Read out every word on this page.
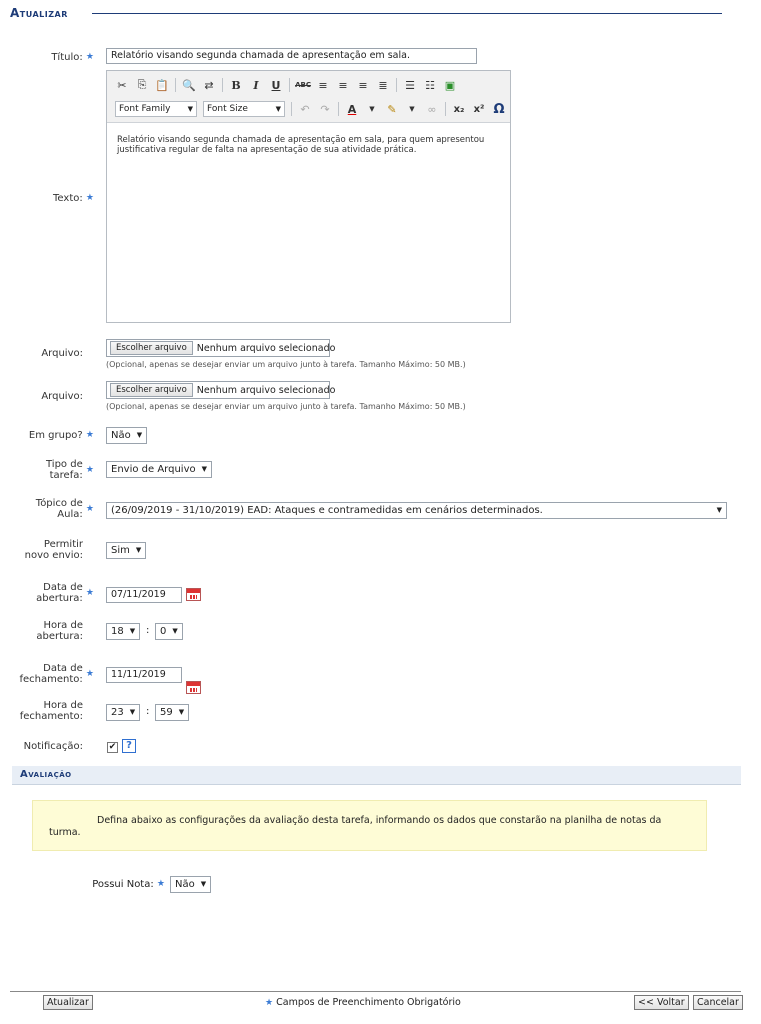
Atualizar
Título:
★	Relatório visando segunda chamada de apresentação em sala.
Texto:
★
✂ ⎘ 📋 🔍 ⇄ B	I	U	ABC ≡ ≡ ≡ ≣ ☰ ☷ ▣
Font Family ▼ Font Size	▼ ↶ ↷ A	▼	✎	▼	∞ x₂ x² Ω
Relatório visando segunda chamada de apresentação em sala, para quem apresentou justificativa regular de falta na apresentação de sua atividade prática.
Arquivo:	Escolher arquivo	Nenhum arquivo selecionado
(Opcional, apenas se desejar enviar um arquivo junto à tarefa. Tamanho Máximo: 50 MB.)
Arquivo:
Escolher arquivo	Nenhum arquivo selecionado
(Opcional, apenas se desejar enviar um arquivo junto à tarefa. Tamanho Máximo: 50 MB.)
Em grupo?
★ Não ▼
Tipo de
tarefa:

★ Envio de Arquivo ▼
Tópico de
Aula:

★ (26/09/2019 - 31/10/2019) EAD: Ataques e contramedidas em cenários determinados.	▼
Permitir
novo envio:	Sim ▼
Data de
abertura:

★	07/11/2019
Hora de
abertura:	18 ▼ : 0 ▼
Data de
fechamento:

★	11/11/2019
Hora de
fechamento:	23 ▼ : 59 ▼
Notificação:	✔ ?
Avaliação
Defina abaixo as configurações da avaliação desta tarefa, informando os dados que constarão na planilha de notas da turma.
Possui Nota:
★ Não ▼
Atualizar	★ Campos de Preenchimento Obrigatório	<< Voltar	Cancelar
